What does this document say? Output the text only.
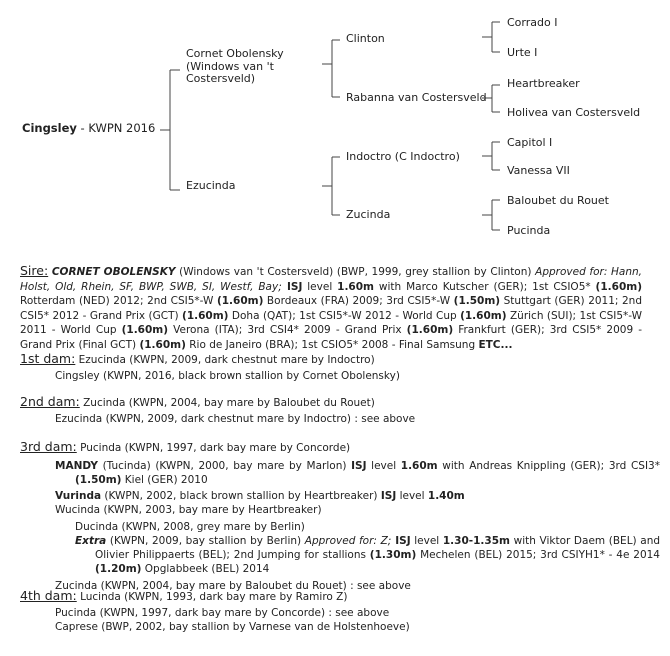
Cingsley - KWPN 2016
Cornet Obolensky
(Windows van 't
Costersveld)
Ezucinda
Clinton
Rabanna van Costersveld
Indoctro (C Indoctro)
Zucinda
Corrado I
Urte I
Heartbreaker
Holivea van Costersveld
Capitol I
Vanessa VII
Baloubet du Rouet
Pucinda
Sire: CORNET OBOLENSKY (Windows van 't Costersveld) (BWP, 1999, grey stallion by Clinton) Approved for: Hann, Holst, Old, Rhein, SF, BWP, SWB, SI, Westf, Bay; ISJ level 1.60m with Marco Kutscher (GER); 1st CSIO5* (1.60m) Rotterdam (NED) 2012; 2nd CSI5*-W (1.60m) Bordeaux (FRA) 2009; 3rd CSI5*-W (1.50m) Stuttgart (GER) 2011; 2nd CSI5* 2012 - Grand Prix (GCT) (1.60m) Doha (QAT); 1st CSI5*-W 2012 - World Cup (1.60m) Zürich (SUI); 1st CSI5*-W 2011 - World Cup (1.60m) Verona (ITA); 3rd CSI4* 2009 - Grand Prix (1.60m) Frankfurt (GER); 3rd CSI5* 2009 - Grand Prix (Final GCT) (1.60m) Rio de Janeiro (BRA); 1st CSIO5* 2008 - Final Samsung ETC...

1st dam: Ezucinda (KWPN, 2009, dark chestnut mare by Indoctro)

Cingsley (KWPN, 2016, black brown stallion by Cornet Obolensky)

2nd dam: Zucinda (KWPN, 2004, bay mare by Baloubet du Rouet)

Ezucinda (KWPN, 2009, dark chestnut mare by Indoctro) : see above

3rd dam: Pucinda (KWPN, 1997, dark bay mare by Concorde)

MANDY (Tucinda) (KWPN, 2000, bay mare by Marlon) ISJ level 1.60m with Andreas Knippling (GER); 3rd CSI3* (1.50m) Kiel (GER) 2010

Vurinda (KWPN, 2002, black brown stallion by Heartbreaker) ISJ level 1.40m

Wucinda (KWPN, 2003, bay mare by Heartbreaker)

Ducinda (KWPN, 2008, grey mare by Berlin)

Extra (KWPN, 2009, bay stallion by Berlin) Approved for: Z; ISJ level 1.30-1.35m with Viktor Daem (BEL) and Olivier Philippaerts (BEL); 2nd Jumping for stallions (1.30m) Mechelen (BEL) 2015; 3rd CSIYH1* - 4e 2014 (1.20m) Opglabbeek (BEL) 2014

Zucinda (KWPN, 2004, bay mare by Baloubet du Rouet) : see above

4th dam: Lucinda (KWPN, 1993, dark bay mare by Ramiro Z)

Pucinda (KWPN, 1997, dark bay mare by Concorde) : see above

Caprese (BWP, 2002, bay stallion by Varnese van de Holstenhoeve)
